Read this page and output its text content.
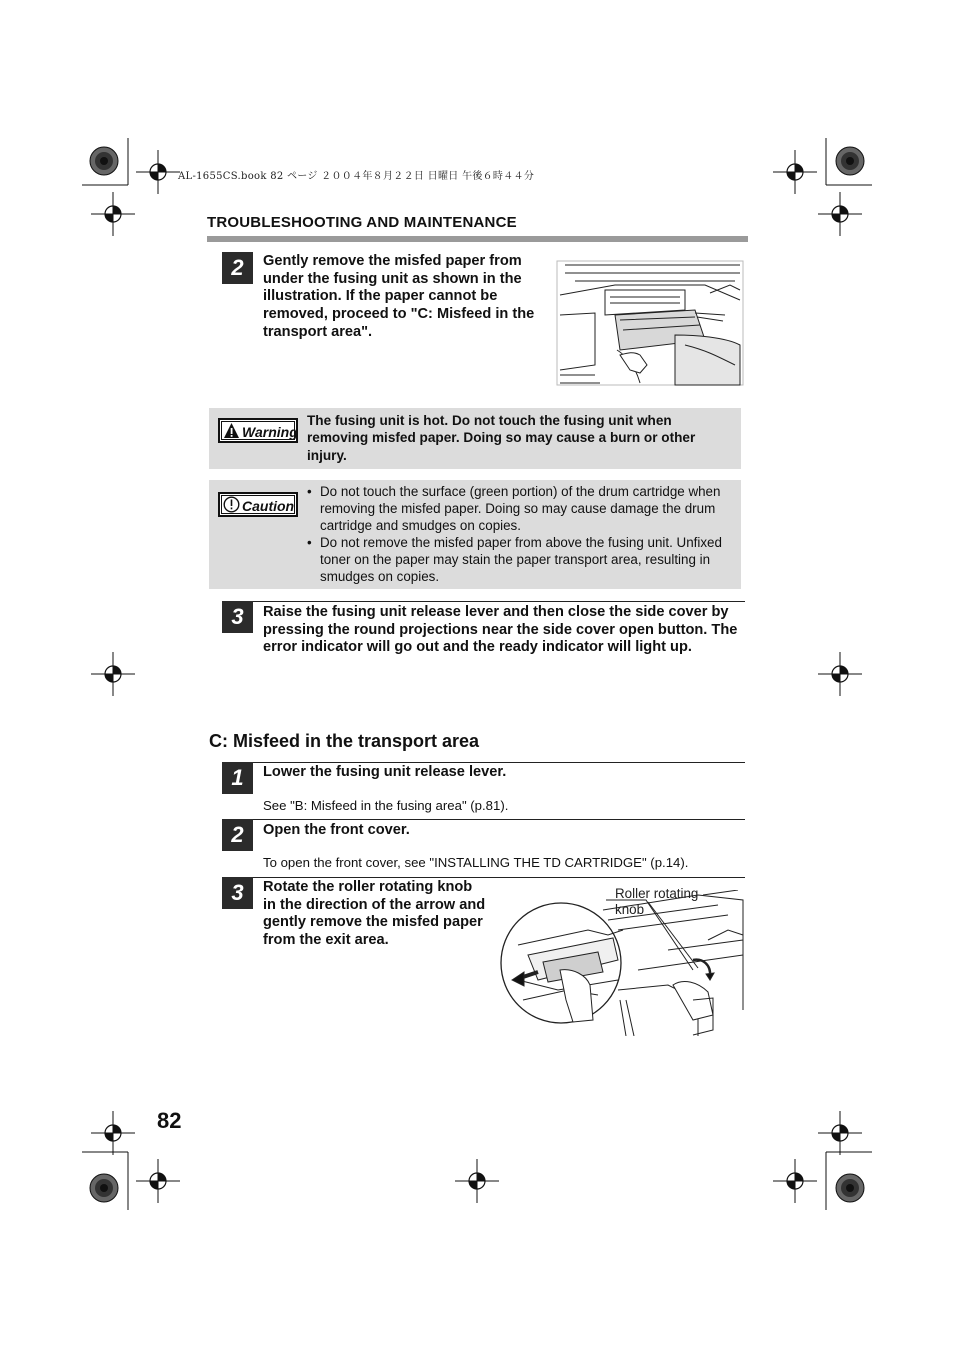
AL-1655CS.book 82 ページ ２００４年８月２２日 日曜日 午後６時４４分
TROUBLESHOOTING AND MAINTENANCE
2	Gently remove the misfed paper from under the fusing unit as shown in the illustration. If the paper cannot be removed, proceed to "C: Misfeed in the transport area".
Warning
The fusing unit is hot. Do not touch the fusing unit when removing misfed paper. Doing so may cause a burn or other injury.
Caution
• Do not touch the surface (green portion) of the drum cartridge when removing the misfed paper. Doing so may cause damage the drum cartridge and smudges on copies.
• Do not remove the misfed paper from above the fusing unit. Unfixed toner on the paper may stain the paper transport area, resulting in smudges on copies.
3	Raise the fusing unit release lever and then close the side cover by pressing the round projections near the side cover open button. The error indicator will go out and the ready indicator will light up.
C: Misfeed in the transport area
1	Lower the fusing unit release lever.
See "B: Misfeed in the fusing area" (p.81).
2	Open the front cover.
To open the front cover, see "INSTALLING THE TD CARTRIDGE" (p.14).
3	Rotate the roller rotating knob in the direction of the arrow and gently remove the misfed paper from the exit area.
Roller rotating
knob
82
